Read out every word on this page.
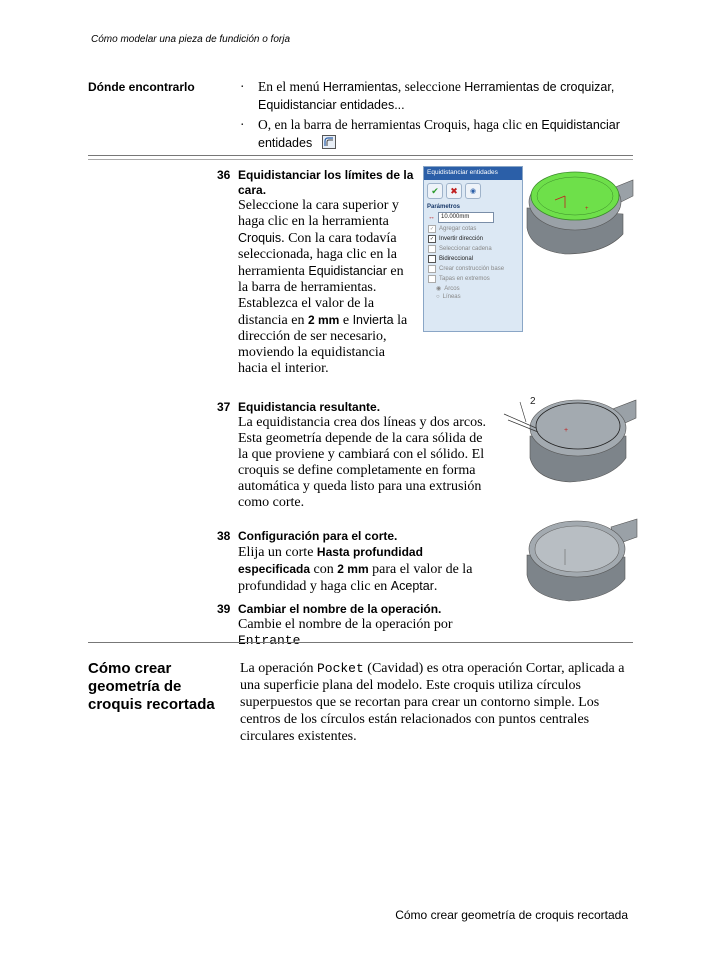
Cómo modelar una pieza de fundición o forja
Dónde encontrarlo	· En el menú Herramientas, seleccione Herramientas de croquizar, Equidistanciar entidades...
· O, en la barra de herramientas Croquis, haga clic en Equidistanciar entidades
36 Equidistanciar los límites de la cara.
Seleccione la cara superior y haga clic en la herramienta Croquis. Con la cara todavía seleccionada, haga clic en la herramienta Equidistanciar en la barra de herramientas. Establezca el valor de la distancia en 2 mm e Invierta la dirección de ser necesario, moviendo la equidistancia hacia el interior.
Equidistanciar entidades
✔	✖	◉
Parámetros
↔	10.000mm
✓ Agregar cotas
✓ Invertir dirección
Seleccionar cadena
Bidireccional
Crear construcción base
Tapas en extremos
◉ Arcos
○ Líneas
+
37 Equidistancia resultante.
La equidistancia crea dos líneas y dos arcos. Esta geometría depende de la cara sólida de la que proviene y cambiará con el sólido. El croquis se define completamente en forma automática y queda listo para una extrusión como corte.
2
+
38 Configuración para el corte.
Elija un corte Hasta profundidad especificada con 2 mm para el valor de la profundidad y haga clic en Aceptar.
39 Cambiar el nombre de la operación.
Cambie el nombre de la operación por Entrante
Cómo crear geometría de croquis recortada
La operación Pocket (Cavidad) es otra operación Cortar, aplicada a una superficie plana del modelo. Este croquis utiliza círculos superpuestos que se recortan para crear un contorno simple. Los centros de los círculos están relacionados con puntos centrales circulares existentes.
Cómo crear geometría de croquis recortada
